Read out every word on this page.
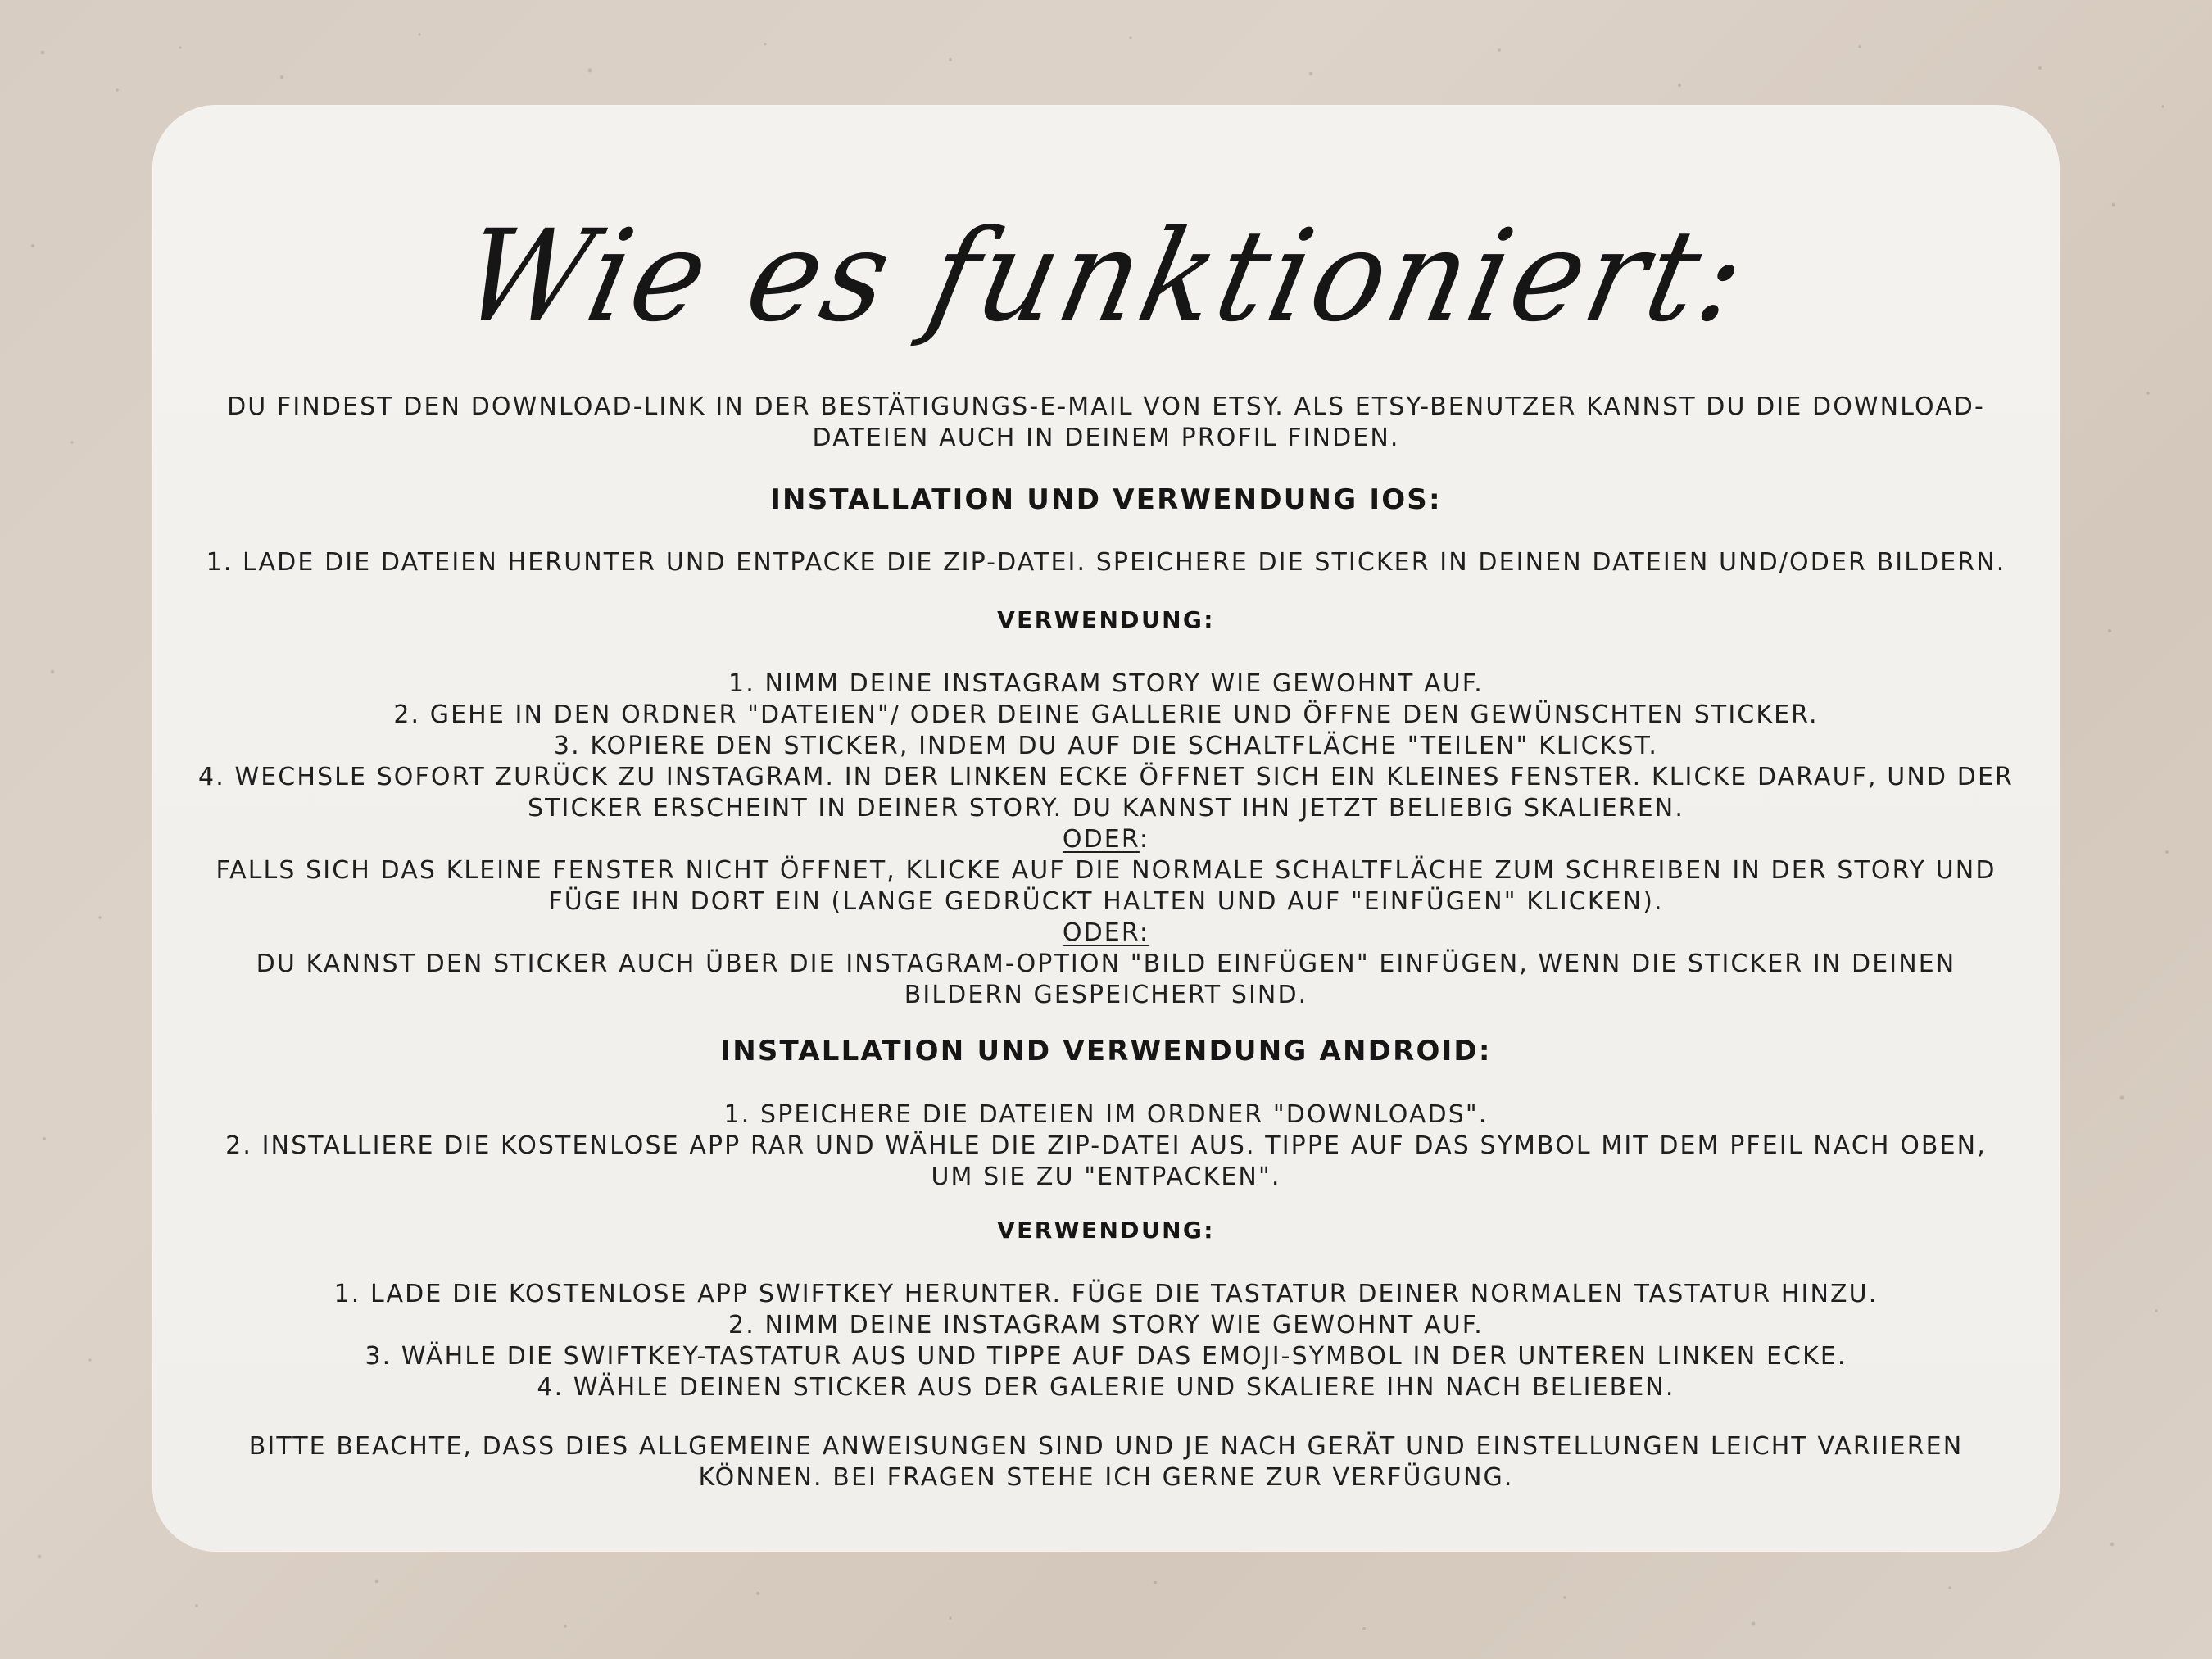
Wie es funktioniert:
DU FINDEST DEN DOWNLOAD-LINK IN DER BESTÄTIGUNGS-E-MAIL VON ETSY. ALS ETSY-BENUTZER KANNST DU DIE DOWNLOAD-
DATEIEN AUCH IN DEINEM PROFIL FINDEN.
INSTALLATION UND VERWENDUNG IOS:
1. LADE DIE DATEIEN HERUNTER UND ENTPACKE DIE ZIP-DATEI. SPEICHERE DIE STICKER IN DEINEN DATEIEN UND/ODER BILDERN.
VERWENDUNG:
1. NIMM DEINE INSTAGRAM STORY WIE GEWOHNT AUF.
2. GEHE IN DEN ORDNER "DATEIEN"/ ODER DEINE GALLERIE UND ÖFFNE DEN GEWÜNSCHTEN STICKER.
3. KOPIERE DEN STICKER, INDEM DU AUF DIE SCHALTFLÄCHE "TEILEN" KLICKST.
4. WECHSLE SOFORT ZURÜCK ZU INSTAGRAM. IN DER LINKEN ECKE ÖFFNET SICH EIN KLEINES FENSTER. KLICKE DARAUF, UND DER
STICKER ERSCHEINT IN DEINER STORY. DU KANNST IHN JETZT BELIEBIG SKALIEREN.
ODER:
FALLS SICH DAS KLEINE FENSTER NICHT ÖFFNET, KLICKE AUF DIE NORMALE SCHALTFLÄCHE ZUM SCHREIBEN IN DER STORY UND
FÜGE IHN DORT EIN (LANGE GEDRÜCKT HALTEN UND AUF "EINFÜGEN" KLICKEN).
ODER:
DU KANNST DEN STICKER AUCH ÜBER DIE INSTAGRAM-OPTION "BILD EINFÜGEN" EINFÜGEN, WENN DIE STICKER IN DEINEN
BILDERN GESPEICHERT SIND.
INSTALLATION UND VERWENDUNG ANDROID:
1. SPEICHERE DIE DATEIEN IM ORDNER "DOWNLOADS".
2. INSTALLIERE DIE KOSTENLOSE APP RAR UND WÄHLE DIE ZIP-DATEI AUS. TIPPE AUF DAS SYMBOL MIT DEM PFEIL NACH OBEN,
UM SIE ZU "ENTPACKEN".
VERWENDUNG:
1. LADE DIE KOSTENLOSE APP SWIFTKEY HERUNTER. FÜGE DIE TASTATUR DEINER NORMALEN TASTATUR HINZU.
2. NIMM DEINE INSTAGRAM STORY WIE GEWOHNT AUF.
3. WÄHLE DIE SWIFTKEY-TASTATUR AUS UND TIPPE AUF DAS EMOJI-SYMBOL IN DER UNTEREN LINKEN ECKE.
4. WÄHLE DEINEN STICKER AUS DER GALERIE UND SKALIERE IHN NACH BELIEBEN.
BITTE BEACHTE, DASS DIES ALLGEMEINE ANWEISUNGEN SIND UND JE NACH GERÄT UND EINSTELLUNGEN LEICHT VARIIEREN
KÖNNEN. BEI FRAGEN STEHE ICH GERNE ZUR VERFÜGUNG.
